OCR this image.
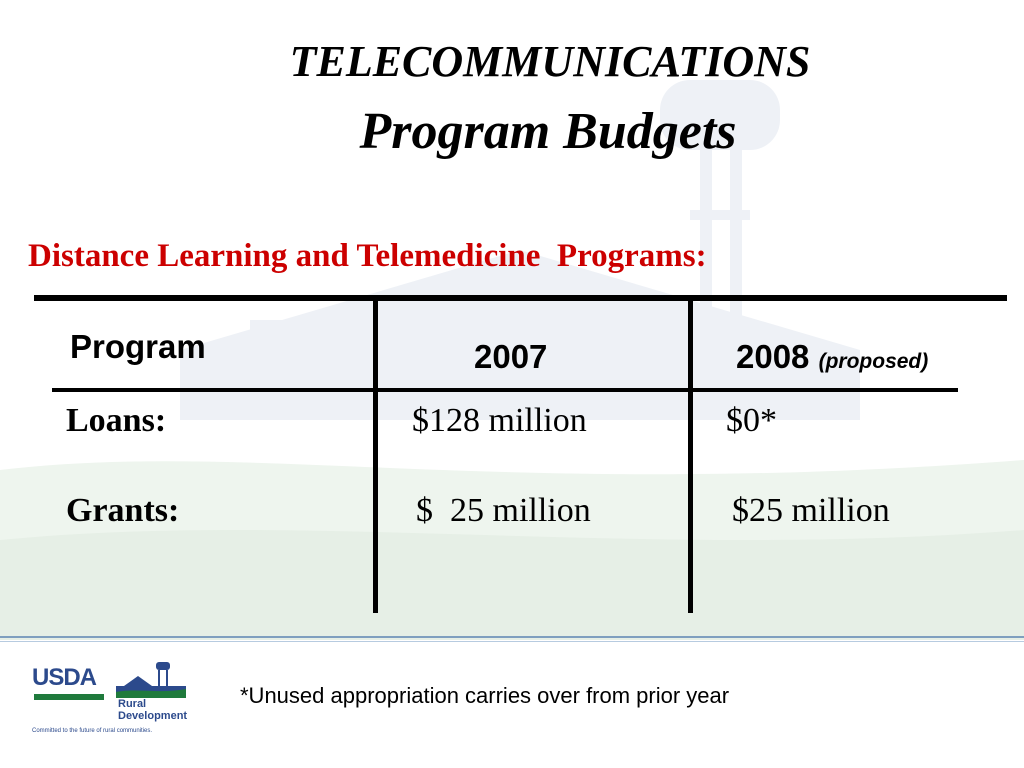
TELECOMMUNICATIONS
Program Budgets
Distance Learning and Telemedicine  Programs:
Program	2007	2008 (proposed)
Loans:	$128 million	$0*
Grants:	$  25 million	$25 million
USDA
Rural
Development
Committed to the future of rural communities.
*Unused appropriation carries over from prior year
